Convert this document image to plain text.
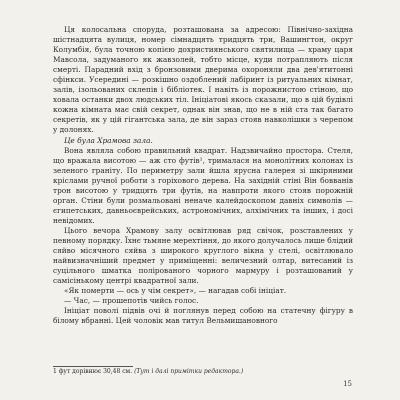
Ця колосальна споруда, розташована за адресою: Північно-західна шістнадцята вулиця, номер сімнадцять тридцять три, Вашингтон, округ Колумбія, була точною копією дохристиянського святилища — храму царя Мавсола, задуманого як жавзолей, тобто місце, куди потрапляють після смерті. Парадний вхід з бронзовими дверима охороняли два дев'ятитонні сфінкси. Усередині — розкішно оздоблений лабіринт із ритуальних кімнат, залів, ізольованих склепів і бібліотек. І навіть із порожнистою стіною, що ховала останки двох людських тіл. Ініціатові якось сказали, що в цій будівлі кожна кімната має свій секрет, однак він знав, що не в ній ста так багато секретів, як у цій гігантська зала, де він зараз стояв навколішки з черепом у долонях.

Це була Храмова зала.

Вона являла собою правильний квадрат. Надзвичайно простора. Стеля, що вражала висотою — аж сто футів¹, трималася на монолітних колонах із зеленого граніту. По периметру зали йшла ярусна галерея зі шкіряними кріслами ручної роботи з горіхового дерева. На західній стіні Він бовванів трон висотою у тридцять три футів, на навпроти якого стояв порожній орган. Стіни були розмальовані неначе калейдоскопом давніх символів — єгипетських, давньоєврейських, астрономічних, алхімічних та інших, і досі невідомих.

Цього вечора Храмову залу освітлював ряд свічок, розставлених у певному порядку. Їхнє тьмяне мерехтіння, до якого долучалось лише блідий сяйво місячного сяйва з широкого круглого вікна у стелі, освітлювало найвизначніший предмет у приміщенні: величезний олтар, витесаний із суцільного шматка полірованого чорного мармуру і розташований у самісінькому центрі квадратної зали.

«Як померти — ось у чім секрет», — нагадав собі ініціат.

— Час, — прошепотів чийсь голос.

Ініціат поволі підвів очі й поглянув перед собою на статечну фігуру в білому вбранні. Цей чоловік мав титул Вельмишановного

1 фут дорівнює 30,48 см. (Тут і далі примітки редактора.)
15
